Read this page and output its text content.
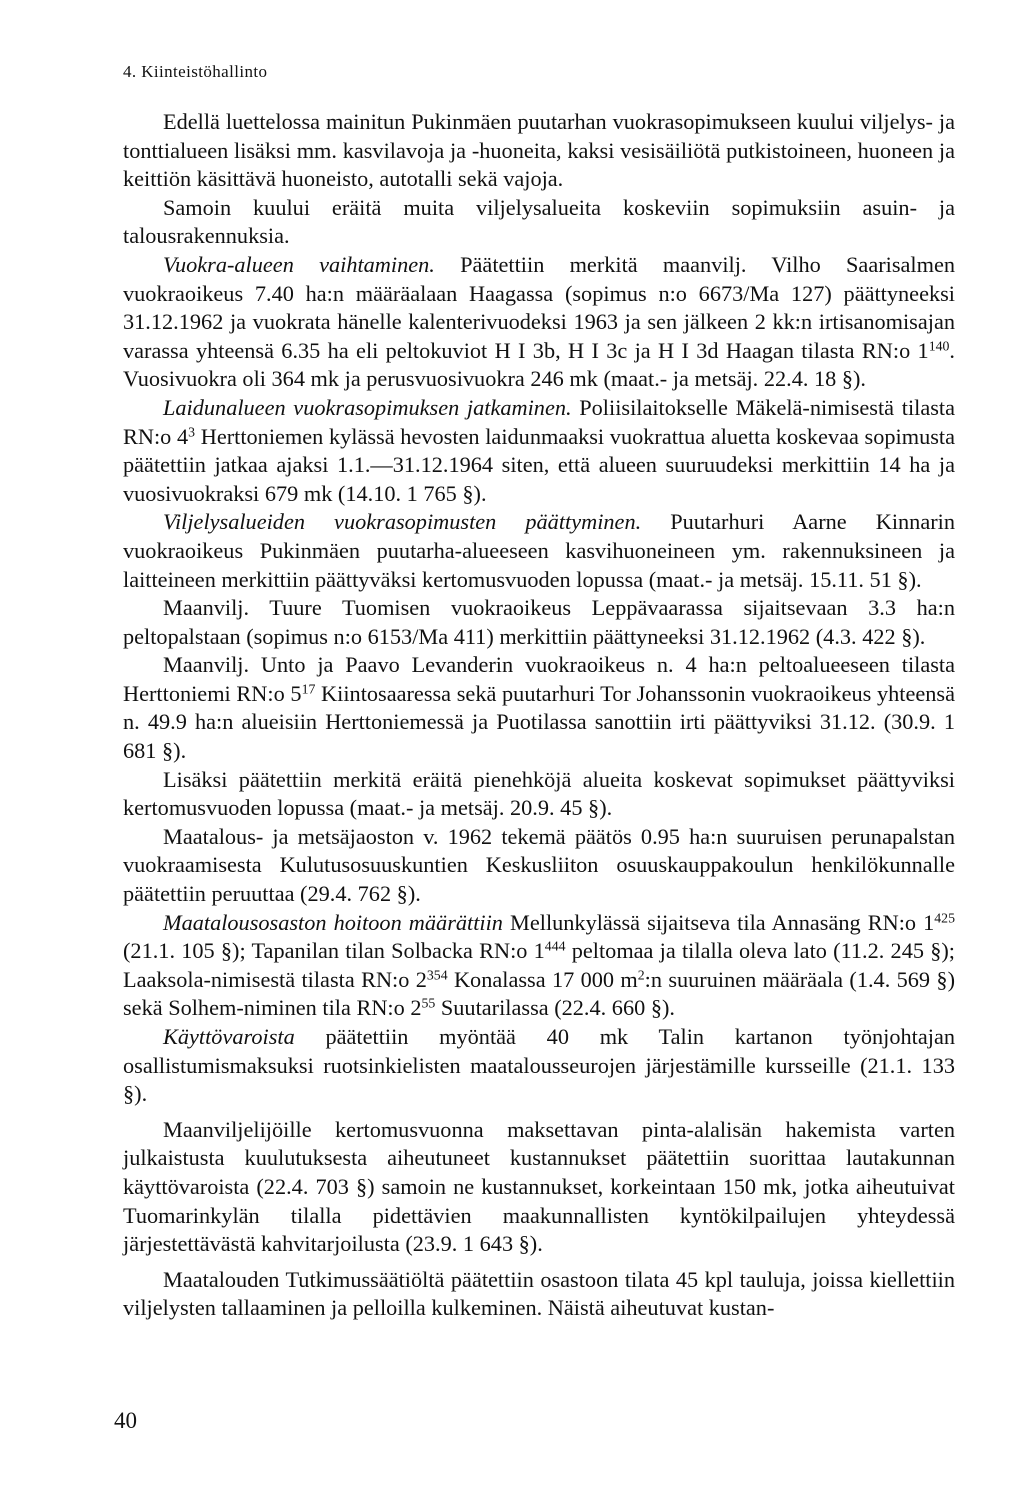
4. Kiinteistöhallinto

Edellä luettelossa mainitun Pukinmäen puutarhan vuokrasopimukseen kuului viljelys- ja tonttialueen lisäksi mm. kasvilavoja ja -huoneita, kaksi vesisäiliötä putkistoineen, huoneen ja keittiön käsittävä huoneisto, autotalli sekä vajoja.

Samoin kuului eräitä muita viljelysalueita koskeviin sopimuksiin asuin- ja talousrakennuksia.

Vuokra-alueen vaihtaminen. Päätettiin merkitä maanvilj. Vilho Saarisalmen vuokraoikeus 7.40 ha:n määräalaan Haagassa (sopimus n:o 6673/Ma 127) päättyneeksi 31.12.1962 ja vuokrata hänelle kalenterivuodeksi 1963 ja sen jälkeen 2 kk:n irtisanomisajan varassa yhteensä 6.35 ha eli peltokuviot H I 3b, H I 3c ja H I 3d Haagan tilasta RN:o $1^{140}$. Vuosivuokra oli 364 mk ja perusvuosivuokra 246 mk (maat.- ja metsäj. 22.4. 18 §).

Laidunalueen vuokrasopimuksen jatkaminen. Poliisilaitokselle Mäkelä-nimisestä tilasta RN:o $4^3$ Herttoniemen kylässä hevosten laidunmaaksi vuokrattua aluetta koskevaa sopimusta päätettiin jatkaa ajaksi 1.1.—31.12.1964 siten, että alueen suuruudeksi merkittiin 14 ha ja vuosivuokraksi 679 mk (14.10. 1 765 §).

Viljelysalueiden vuokrasopimusten päättyminen. Puutarhuri Aarne Kinnarin vuokraoikeus Pukinmäen puutarha-alueeseen kasvihuoneineen ym. rakennuksineen ja laitteineen merkittiin päättyväksi kertomusvuoden lopussa (maat.- ja metsäj. 15.11. 51 §).

Maanvilj. Tuure Tuomisen vuokraoikeus Leppävaarassa sijaitsevaan 3.3 ha:n peltopalstaan (sopimus n:o 6153/Ma 411) merkittiin päättyneeksi 31.12.1962 (4.3. 422 §).

Maanvilj. Unto ja Paavo Levanderin vuokraoikeus n. 4 ha:n peltoalueeseen tilasta Herttoniemi RN:o $5^{17}$ Kiintosaaressa sekä puutarhuri Tor Johanssonin vuokraoikeus yhteensä n. 49.9 ha:n alueisiin Herttoniemessä ja Puotilassa sanottiin irti päättyviksi 31.12. (30.9. 1 681 §).

Lisäksi päätettiin merkitä eräitä pienehköjä alueita koskevat sopimukset päättyviksi kertomusvuoden lopussa (maat.- ja metsäj. 20.9. 45 §).

Maatalous- ja metsäjaoston v. 1962 tekemä päätös 0.95 ha:n suuruisen perunapalstan vuokraamisesta Kulutusosuuskuntien Keskusliiton osuuskauppakoulun henkilökunnalle päätettiin peruuttaa (29.4. 762 §).

Maatalousosaston hoitoon määrättiin Mellunkylässä sijaitseva tila Annasäng RN:o $1^{425}$ (21.1. 105 §); Tapanilan tilan Solbacka RN:o $1^{444}$ peltomaa ja tilalla oleva lato (11.2. 245 §); Laaksola-nimisestä tilasta RN:o $2^{354}$ Konalassa 17 000 $m^2:n$ suuruinen määräala (1.4. 569 §) sekä Solhem-niminen tila RN:o $2^{55}$ Suutarilassa (22.4. 660 §).

Käyttövaroista päätettiin myöntää 40 mk Talin kartanon työnjohtajan osallistumismaksuksi ruotsinkielisten maatalousseurojen järjestämille kursseille (21.1. 133 §).

Maanviljelijöille kertomusvuonna maksettavan pinta-alalisän hakemista varten julkaistusta kuulutuksesta aiheutuneet kustannukset päätettiin suorittaa lautakunnan käyttövaroista (22.4. 703 §) samoin ne kustannukset, korkeintaan 150 mk, jotka aiheutuivat Tuomarinkylän tilalla pidettävien maakunnallisten kyntökilpailujen yhteydessä järjestettävästä kahvitarjoilusta (23.9. 1 643 §).

Maatalouden Tutkimussäätiöltä päätettiin osastoon tilata 45 kpl tauluja, joissa kiellettiin viljelysten tallaaminen ja pelloilla kulkeminen. Näistä aiheutuvat kustan-

40
